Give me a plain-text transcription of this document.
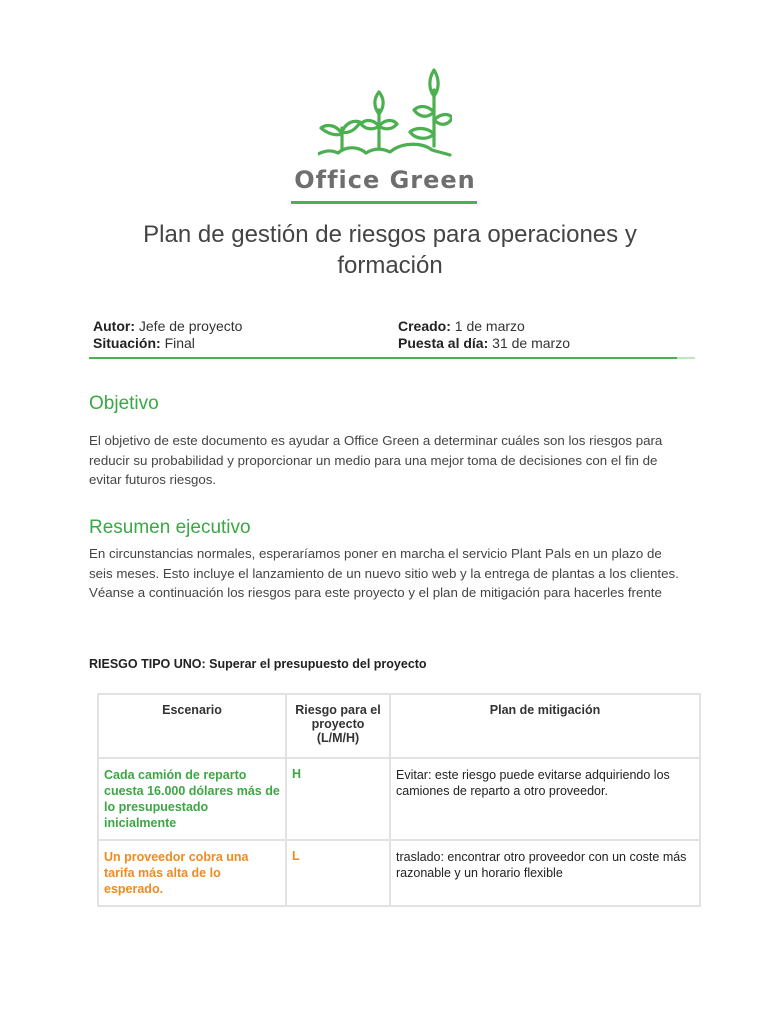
Office Green
Plan de gestión de riesgos para operaciones y formación
Autor: Jefe de proyecto
Situación: Final
Creado: 1 de marzo
Puesta al día: 31 de marzo
Objetivo

El objetivo de este documento es ayudar a Office Green a determinar cuáles son los riesgos para reducir su probabilidad y proporcionar un medio para una mejor toma de decisiones con el fin de evitar futuros riesgos.

Resumen ejecutivo

En circunstancias normales, esperaríamos poner en marcha el servicio Plant Pals en un plazo de seis meses. Esto incluye el lanzamiento de un nuevo sitio web y la entrega de plantas a los clientes. Véanse a continuación los riesgos para este proyecto y el plan de mitigación para hacerles frente

RIESGO TIPO UNO: Superar el presupuesto del proyecto
Escenario	Riesgo para el proyecto (L/M/H)	Plan de mitigación
Cada camión de reparto cuesta 16.000 dólares más de lo presupuestado inicialmente	H	Evitar: este riesgo puede evitarse adquiriendo los camiones de reparto a otro proveedor.
Un proveedor cobra una tarifa más alta de lo esperado.	L	traslado: encontrar otro proveedor con un coste más razonable y un horario flexible
